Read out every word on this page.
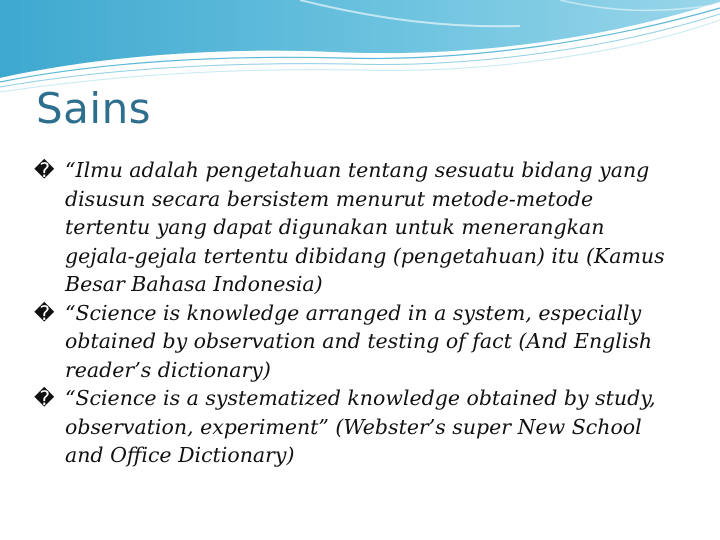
Sains

� “Ilmu adalah pengetahuan tentang sesuatu bidang yang disusun secara bersistem menurut metode-metode tertentu yang dapat digunakan untuk menerangkan gejala-gejala tertentu dibidang (pengetahuan) itu (Kamus Besar Bahasa Indonesia)

� “Science is knowledge arranged in a system, especially obtained by observation and testing of fact (And English reader’s dictionary)

� “Science is a systematized knowledge obtained by study, observation, experiment” (Webster’s super New School and Office Dictionary)
